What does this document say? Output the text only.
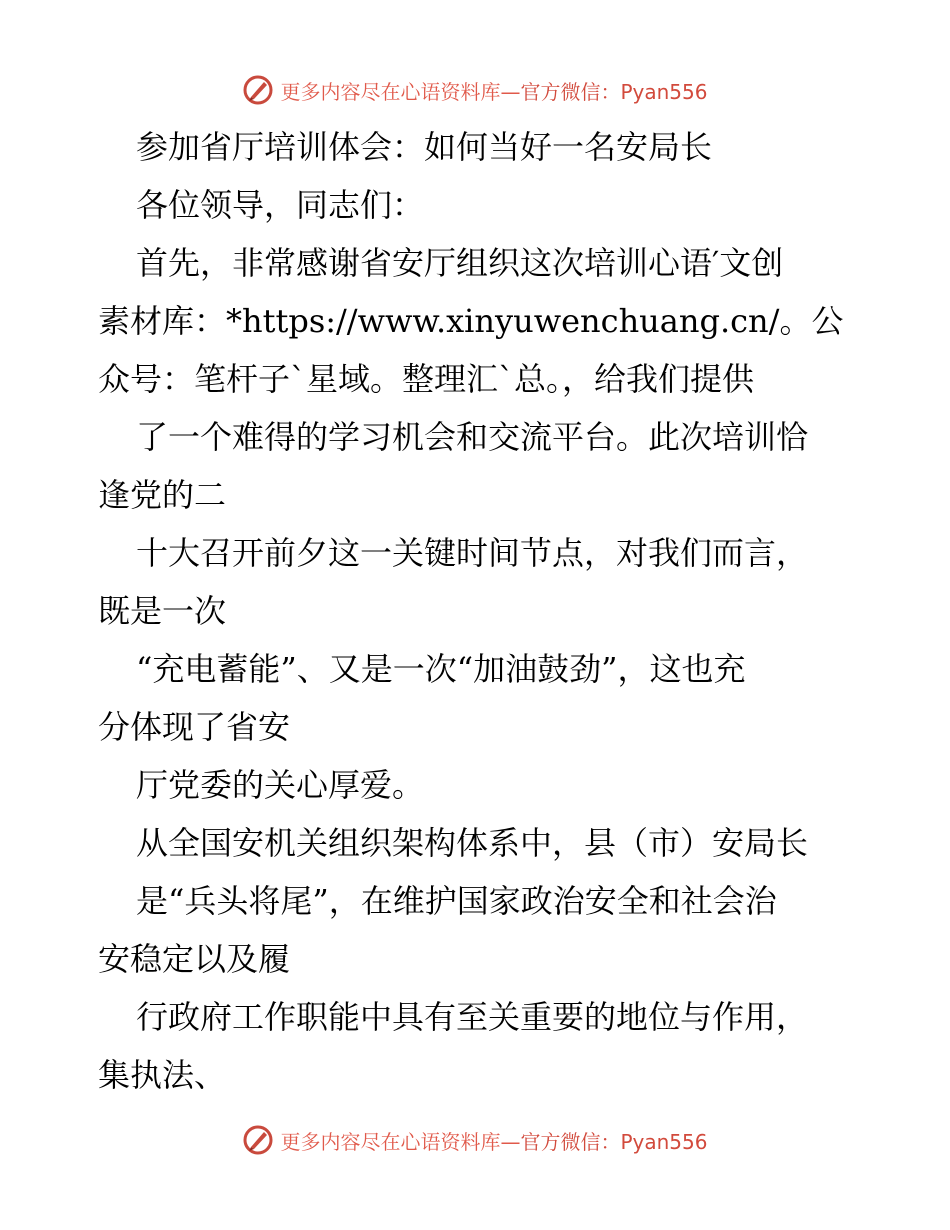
更多内容尽在心语资料库—官方微信：Pyan556

参加省厅培训体会：如何当好一名安局长

各位领导，同志们：

首先，非常感谢省安厅组织这次培训心语′文创

素材库：*https://www.xinyuwenchuang.cn/。公

众号：笔杆子`星域。整理汇`总。，给我们提供

了一个难得的学习机会和交流平台。此次培训恰

逢党的二

十大召开前夕这一关键时间节点，对我们而言，

既是一次

“充电蓄能”、又是一次“加油鼓劲”，这也充

分体现了省安

厅党委的关心厚爱。

从全国安机关组织架构体系中，县（市）安局长

是“兵头将尾”，在维护国家政治安全和社会治

安稳定以及履

行政府工作职能中具有至关重要的地位与作用，

集执法、

更多内容尽在心语资料库—官方微信：Pyan556
